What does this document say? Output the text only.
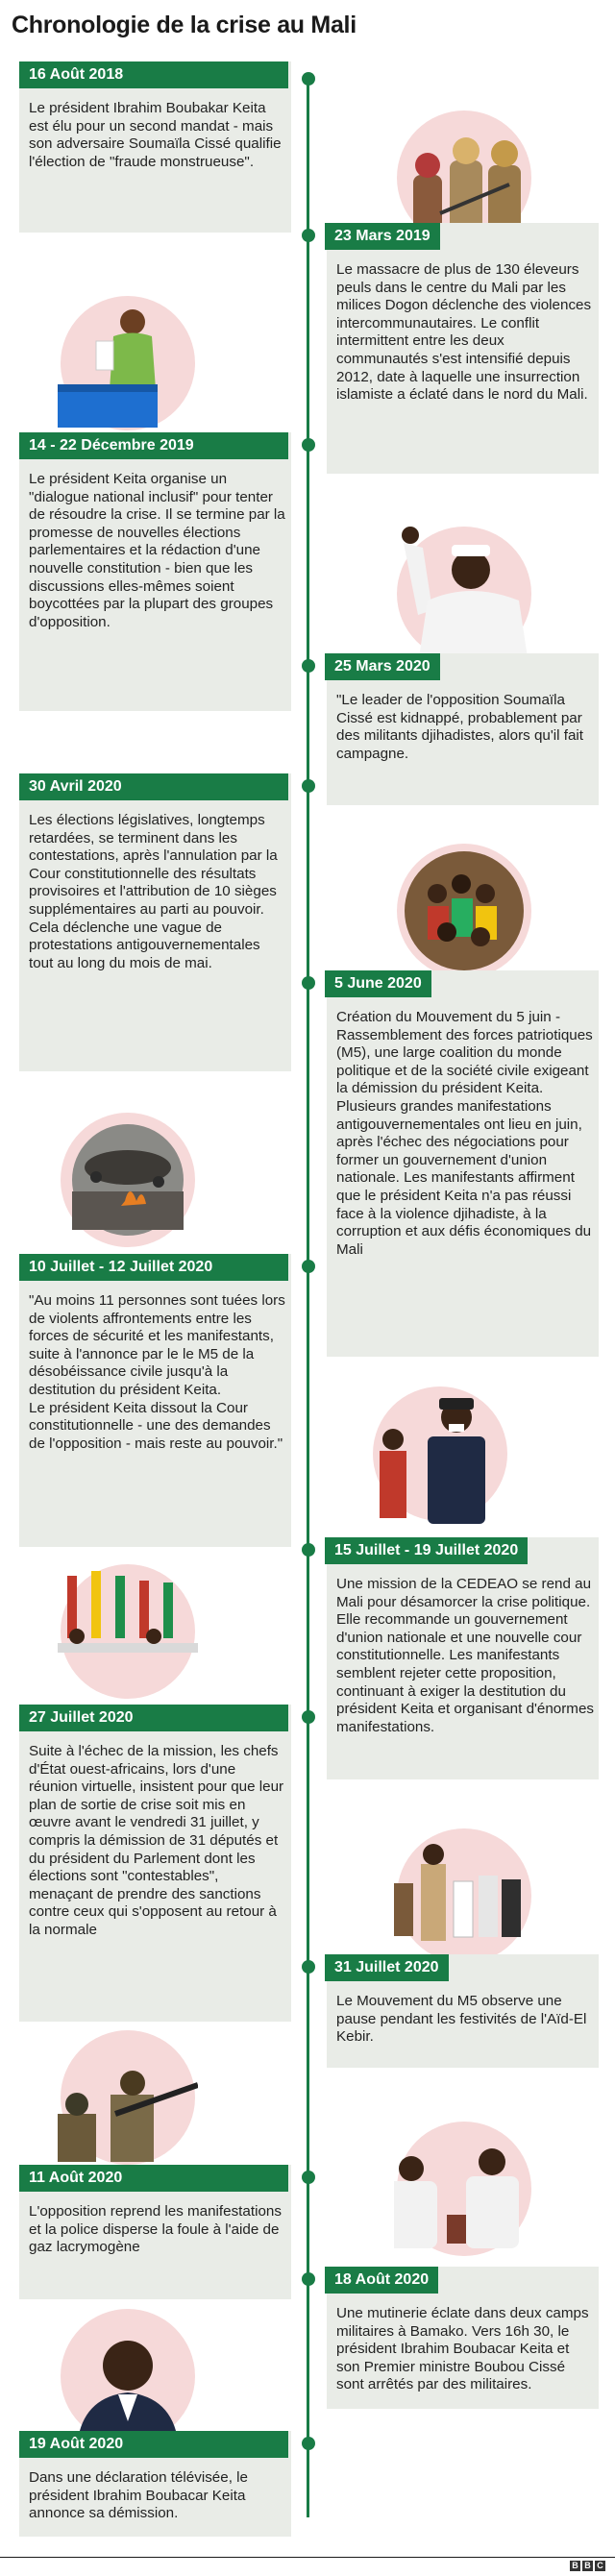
Chronologie de la crise au Mali
16 Août 2018
Le président Ibrahim Boubakar Keita est élu pour un second mandat - mais son adversaire Soumaïla Cissé qualifie l'élection de "fraude monstrueuse".
23 Mars 2019
Le massacre de plus de 130 éleveurs peuls dans le centre du Mali par les milices Dogon déclenche des violences intercommunautaires. Le conflit intermittent entre les deux communautés s'est intensifié depuis 2012, date à laquelle une insurrection islamiste a éclaté dans le nord du Mali.
14 - 22 Décembre 2019
Le président Keita organise un "dialogue national inclusif" pour tenter de résoudre la crise. Il se termine par la promesse de nouvelles élections parlementaires et la rédaction d'une nouvelle constitution - bien que les discussions elles-mêmes soient boycottées par la plupart des groupes d'opposition.
25 Mars 2020
"Le leader de l'opposition Soumaïla Cissé est kidnappé, probablement par des militants djihadistes, alors qu'il fait campagne.
30 Avril 2020
Les élections législatives, longtemps retardées, se terminent dans les contestations, après l'annulation par la Cour constitutionnelle des résultats provisoires et l'attribution de 10 sièges supplémentaires au parti au pouvoir. Cela déclenche une vague de protestations antigouvernementales tout au long du mois de mai.
5 June 2020
Création du Mouvement du 5 juin - Rassemblement des forces patriotiques (M5), une large coalition du monde politique et de la société civile exigeant la démission du président Keita. Plusieurs grandes manifestations antigouvernementales ont lieu en juin, après l'échec des négociations pour former un gouvernement d'union nationale. Les manifestants affirment que le président Keita n'a pas réussi face à la violence djihadiste, à la corruption et aux défis économiques du Mali
10 Juillet - 12 Juillet 2020
"Au moins 11 personnes sont tuées lors de violents affrontements entre les forces de sécurité et les manifestants, suite à l'annonce par le le M5 de la désobéissance civile jusqu'à la destitution du président Keita.
Le président Keita dissout la Cour constitutionnelle - une des demandes de l'opposition - mais reste au pouvoir."
15 Juillet - 19 Juillet 2020
Une mission de la CEDEAO se rend au Mali pour désamorcer la crise politique. Elle recommande un gouvernement d'union nationale et une nouvelle cour constitutionnelle. Les manifestants semblent rejeter cette proposition, continuant à exiger la destitution du président Keita et organisant d'énormes manifestations.
27 Juillet 2020
Suite à l'échec de la mission, les chefs d'État ouest-africains, lors d'une réunion virtuelle, insistent pour que leur plan de sortie de crise soit mis en œuvre avant le vendredi 31 juillet, y compris la démission de 31 députés et du président du Parlement dont les élections sont "contestables", menaçant de prendre des sanctions contre ceux qui s'opposent au retour à la normale
31 Juillet 2020
Le Mouvement du M5 observe une pause pendant les festivités de l'Aïd-El Kebir.
11 Août 2020
L'opposition reprend les manifestations et la police disperse la foule à l'aide de gaz lacrymogène
18 Août 2020
Une mutinerie éclate dans deux camps militaires à Bamako. Vers 16h 30, le président Ibrahim Boubacar Keita et son Premier ministre Boubou Cissé sont arrêtés par des militaires.
19 Août 2020
Dans une déclaration télévisée, le président Ibrahim Boubacar Keita annonce sa démission.
B B C
